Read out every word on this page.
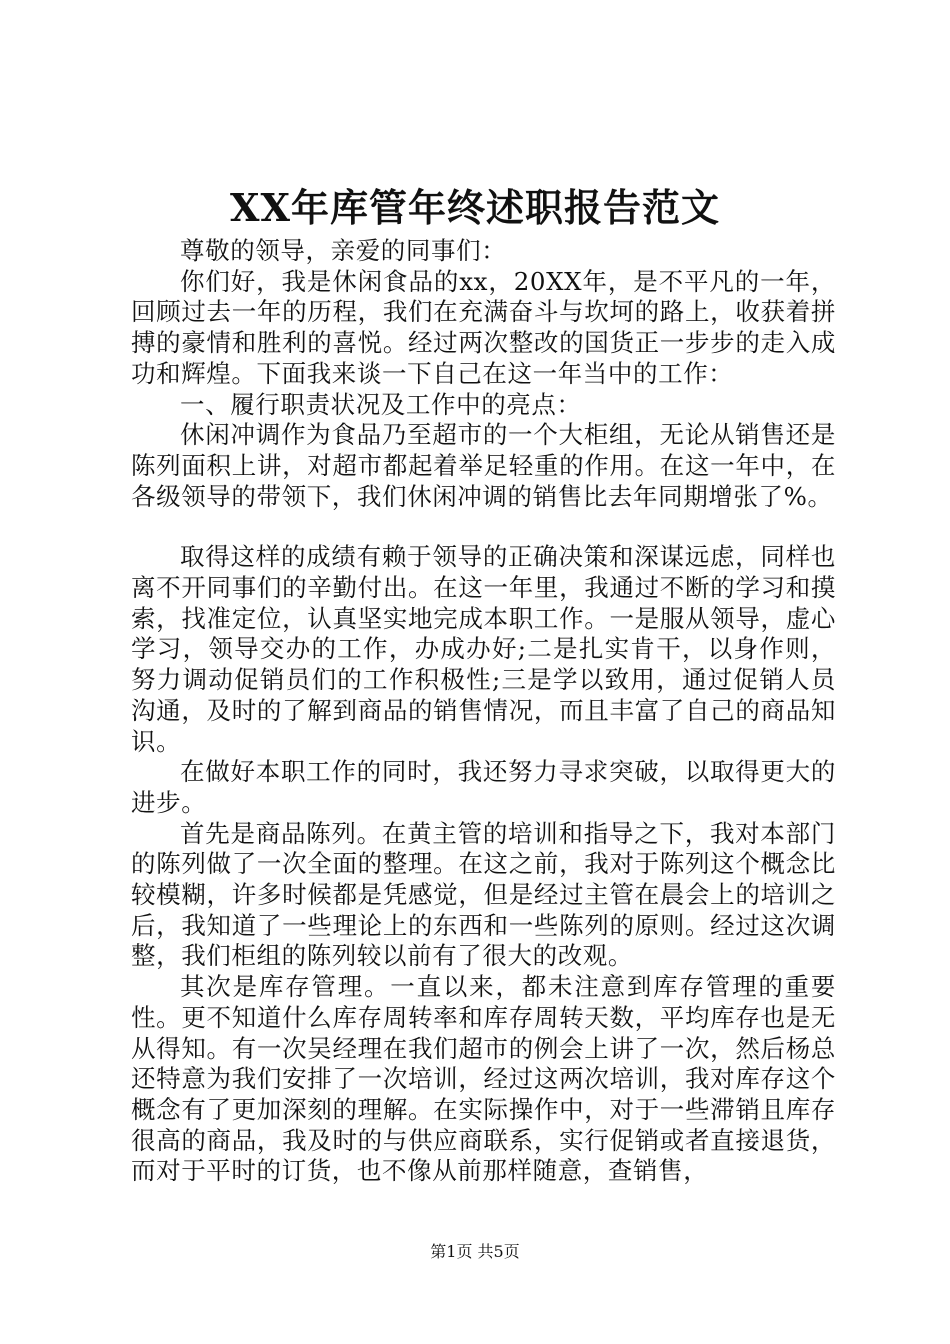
XX年库管年终述职报告范文

尊敬的领导，亲爱的同事们：

你们好，我是休闲食品的xx，20XX年，是不平凡的一年，回顾过去一年的历程，我们在充满奋斗与坎坷的路上，收获着拼搏的豪情和胜利的喜悦。经过两次整改的国货正一步步的走入成功和辉煌。下面我来谈一下自己在这一年当中的工作：

一、履行职责状况及工作中的亮点：

休闲冲调作为食品乃至超市的一个大柜组，无论从销售还是陈列面积上讲，对超市都起着举足轻重的作用。在这一年中，在各级领导的带领下，我们休闲冲调的销售比去年同期增张了%。

取得这样的成绩有赖于领导的正确决策和深谋远虑，同样也离不开同事们的辛勤付出。在这一年里，我通过不断的学习和摸索，找准定位，认真坚实地完成本职工作。一是服从领导，虚心学习，领导交办的工作，办成办好;二是扎实肯干，以身作则，努力调动促销员们的工作积极性;三是学以致用，通过促销人员沟通，及时的了解到商品的销售情况，而且丰富了自己的商品知识。

在做好本职工作的同时，我还努力寻求突破，以取得更大的进步。

首先是商品陈列。在黄主管的培训和指导之下，我对本部门的陈列做了一次全面的整理。在这之前，我对于陈列这个概念比较模糊，许多时候都是凭感觉，但是经过主管在晨会上的培训之后，我知道了一些理论上的东西和一些陈列的原则。经过这次调整，我们柜组的陈列较以前有了很大的改观。

其次是库存管理。一直以来，都未注意到库存管理的重要性。更不知道什么库存周转率和库存周转天数，平均库存也是无从得知。有一次吴经理在我们超市的例会上讲了一次，然后杨总还特意为我们安排了一次培训，经过这两次培训，我对库存这个概念有了更加深刻的理解。在实际操作中，对于一些滞销且库存很高的商品，我及时的与供应商联系，实行促销或者直接退货，而对于平时的订货，也不像从前那样随意，查销售，

第1页 共5页
